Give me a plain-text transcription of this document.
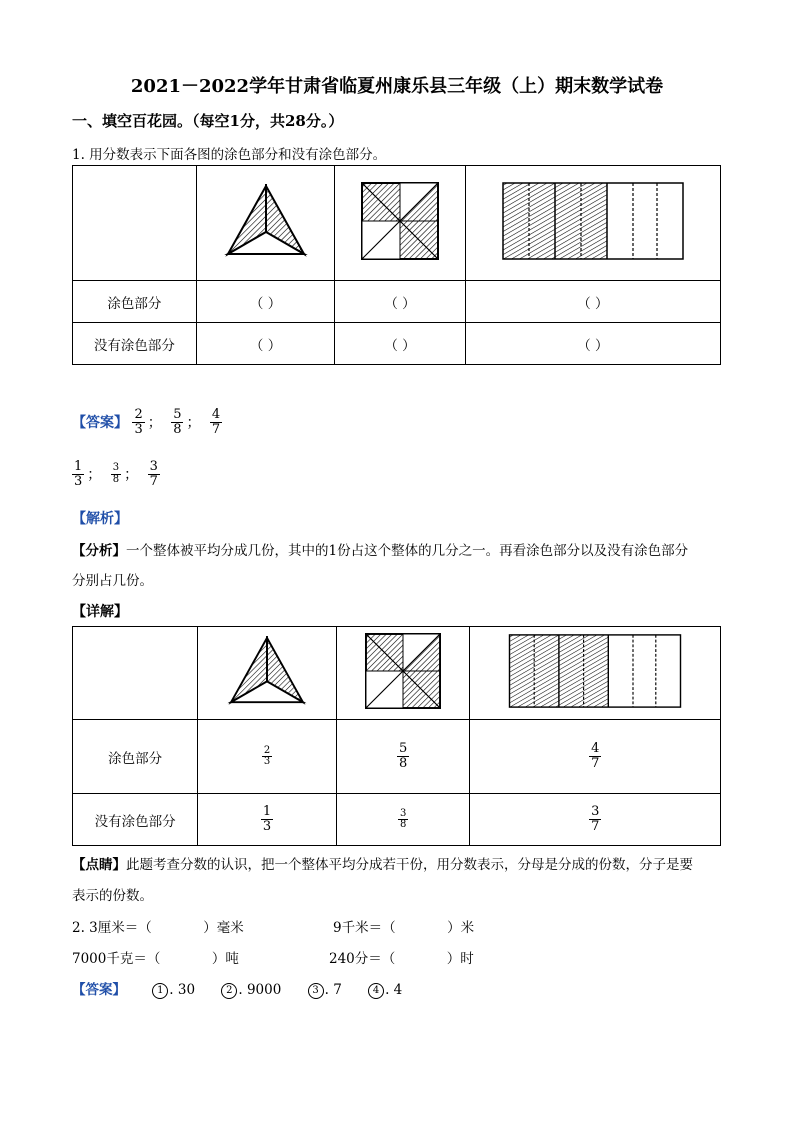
2021－2022学年甘肃省临夏州康乐县三年级（上）期末数学试卷
一、填空百花园。（每空1分，共28分。）
1. 用分数表示下面各图的涂色部分和没有涂色部分。

涂色部分	（ ）	（ ）	（ ）
没有涂色部分	（ ）	（ ）	（ ）
【答案】 $\frac{2}{3}$ ； $\frac{5}{8}$ ； $\frac{4}{7}$
$\frac{1}{3}$ ； $\frac{3}{8}$ ； $\frac{3}{7}$
【解析】
【分析】一个整体被平均分成几份，其中的1份占这个整体的几分之一。再看涂色部分以及没有涂色部分
分别占几份。
【详解】

涂色部分	$\frac{2}{3}$	$\frac{5}{8}$	$\frac{4}{7}$

没有涂色部分	$\frac{1}{3}$	$\frac{3}{8}$	$\frac{3}{7}$
【点睛】此题考查分数的认识，把一个整体平均分成若干份，用分数表示，分母是分成的份数，分子是要
表示的份数。
2. 3厘米＝（            ）毫米	9千米＝（            ）米
7000千克＝（            ）吨	240分＝（            ）时
【答案】	1 . 30	2 . 9000	3 . 7	4 . 4
